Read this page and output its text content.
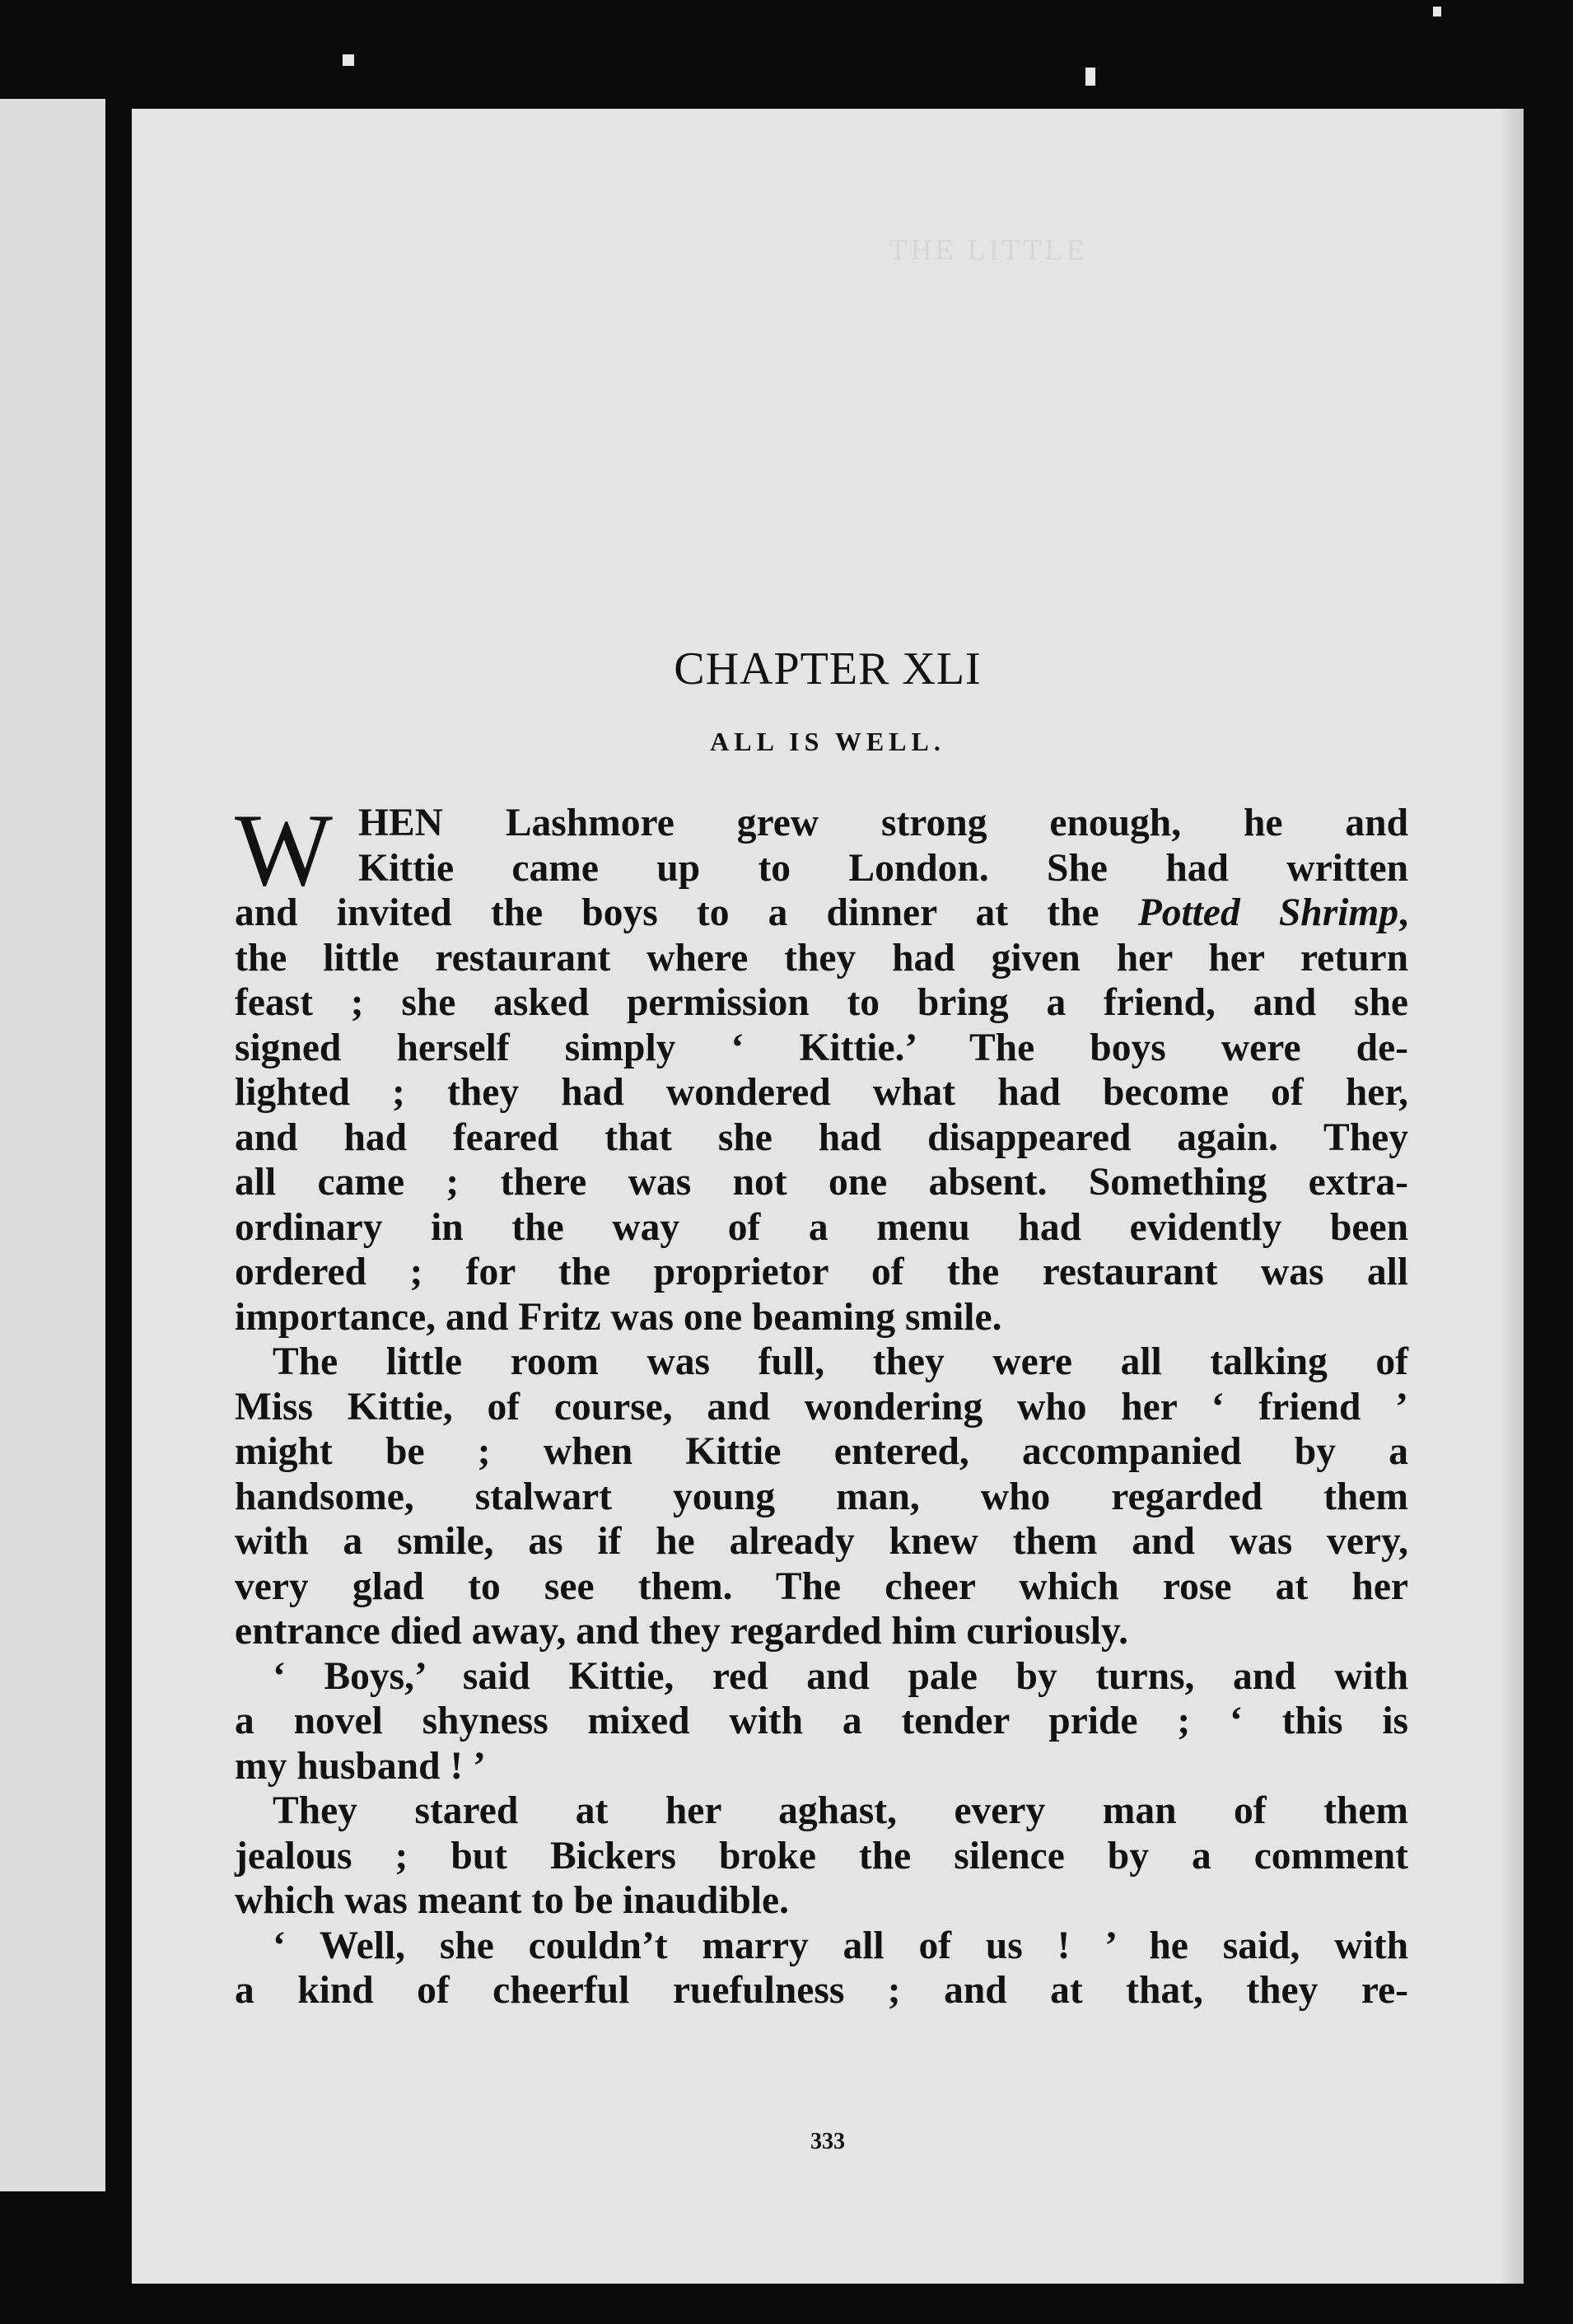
THE LITTLE
CHAPTER XLI
ALL IS WELL.
W HEN Lashmore grew strong enough, he and
Kittie came up to London. She had written
and invited the boys to a dinner at the Potted Shrimp,
the little restaurant where they had given her her return
feast ; she asked permission to bring a friend, and she
signed herself simply ‘ Kittie.’ The boys were de-
lighted ; they had wondered what had become of her,
and had feared that she had disappeared again. They
all came ; there was not one absent. Something extra-
ordinary in the way of a menu had evidently been
ordered ; for the proprietor of the restaurant was all
importance, and Fritz was one beaming smile.
The little room was full, they were all talking of
Miss Kittie, of course, and wondering who her ‘ friend ’
might be ; when Kittie entered, accompanied by a
handsome, stalwart young man, who regarded them
with a smile, as if he already knew them and was very,
very glad to see them. The cheer which rose at her
entrance died away, and they regarded him curiously.
‘ Boys,’ said Kittie, red and pale by turns, and with
a novel shyness mixed with a tender pride ; ‘ this is
my husband ! ’
They stared at her aghast, every man of them
jealous ; but Bickers broke the silence by a comment
which was meant to be inaudible.
‘ Well, she couldn’t marry all of us ! ’ he said, with
a kind of cheerful ruefulness ; and at that, they re-
333
